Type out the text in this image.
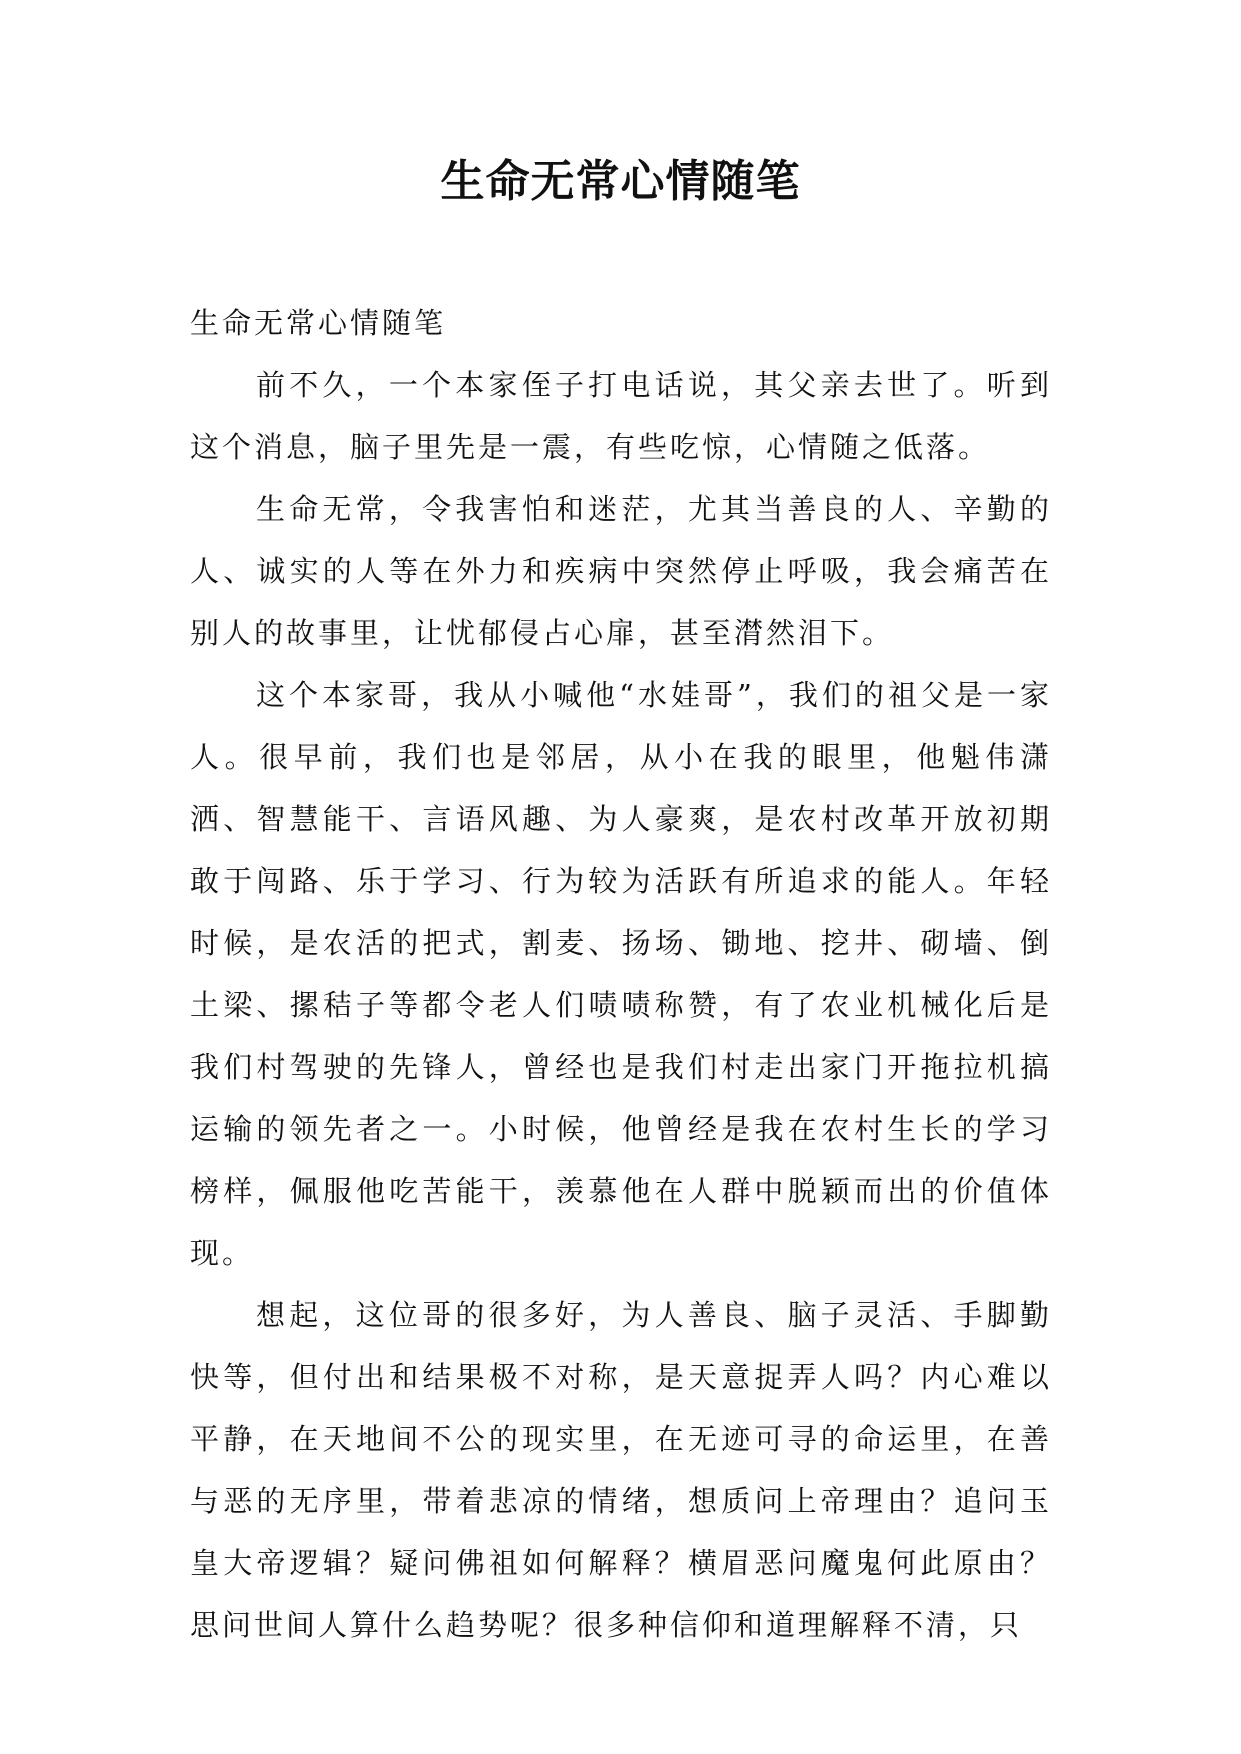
生命无常心情随笔

生命无常心情随笔

前不久，一个本家侄子打电话说，其父亲去世了。听到这个消息，脑子里先是一震，有些吃惊，心情随之低落。

生命无常，令我害怕和迷茫，尤其当善良的人、辛勤的人、诚实的人等在外力和疾病中突然停止呼吸，我会痛苦在别人的故事里，让忧郁侵占心扉，甚至潸然泪下。

这个本家哥，我从小喊他“水娃哥”，我们的祖父是一家人。很早前，我们也是邻居，从小在我的眼里，他魁伟潇洒、智慧能干、言语风趣、为人豪爽，是农村改革开放初期敢于闯路、乐于学习、行为较为活跃有所追求的能人。年轻时候，是农活的把式，割麦、扬场、锄地、挖井、砌墙、倒土梁、摞秸子等都令老人们啧啧称赞，有了农业机械化后是我们村驾驶的先锋人，曾经也是我们村走出家门开拖拉机搞运输的领先者之一。小时候，他曾经是我在农村生长的学习榜样，佩服他吃苦能干，羡慕他在人群中脱颖而出的价值体现。

想起，这位哥的很多好，为人善良、脑子灵活、手脚勤快等，但付出和结果极不对称，是天意捉弄人吗？内心难以平静，在天地间不公的现实里，在无迹可寻的命运里，在善与恶的无序里，带着悲凉的情绪，想质问上帝理由？追问玉皇大帝逻辑？疑问佛祖如何解释？横眉恶问魔鬼何此原由？思问世间人算什么趋势呢？很多种信仰和道理解释不清，只
